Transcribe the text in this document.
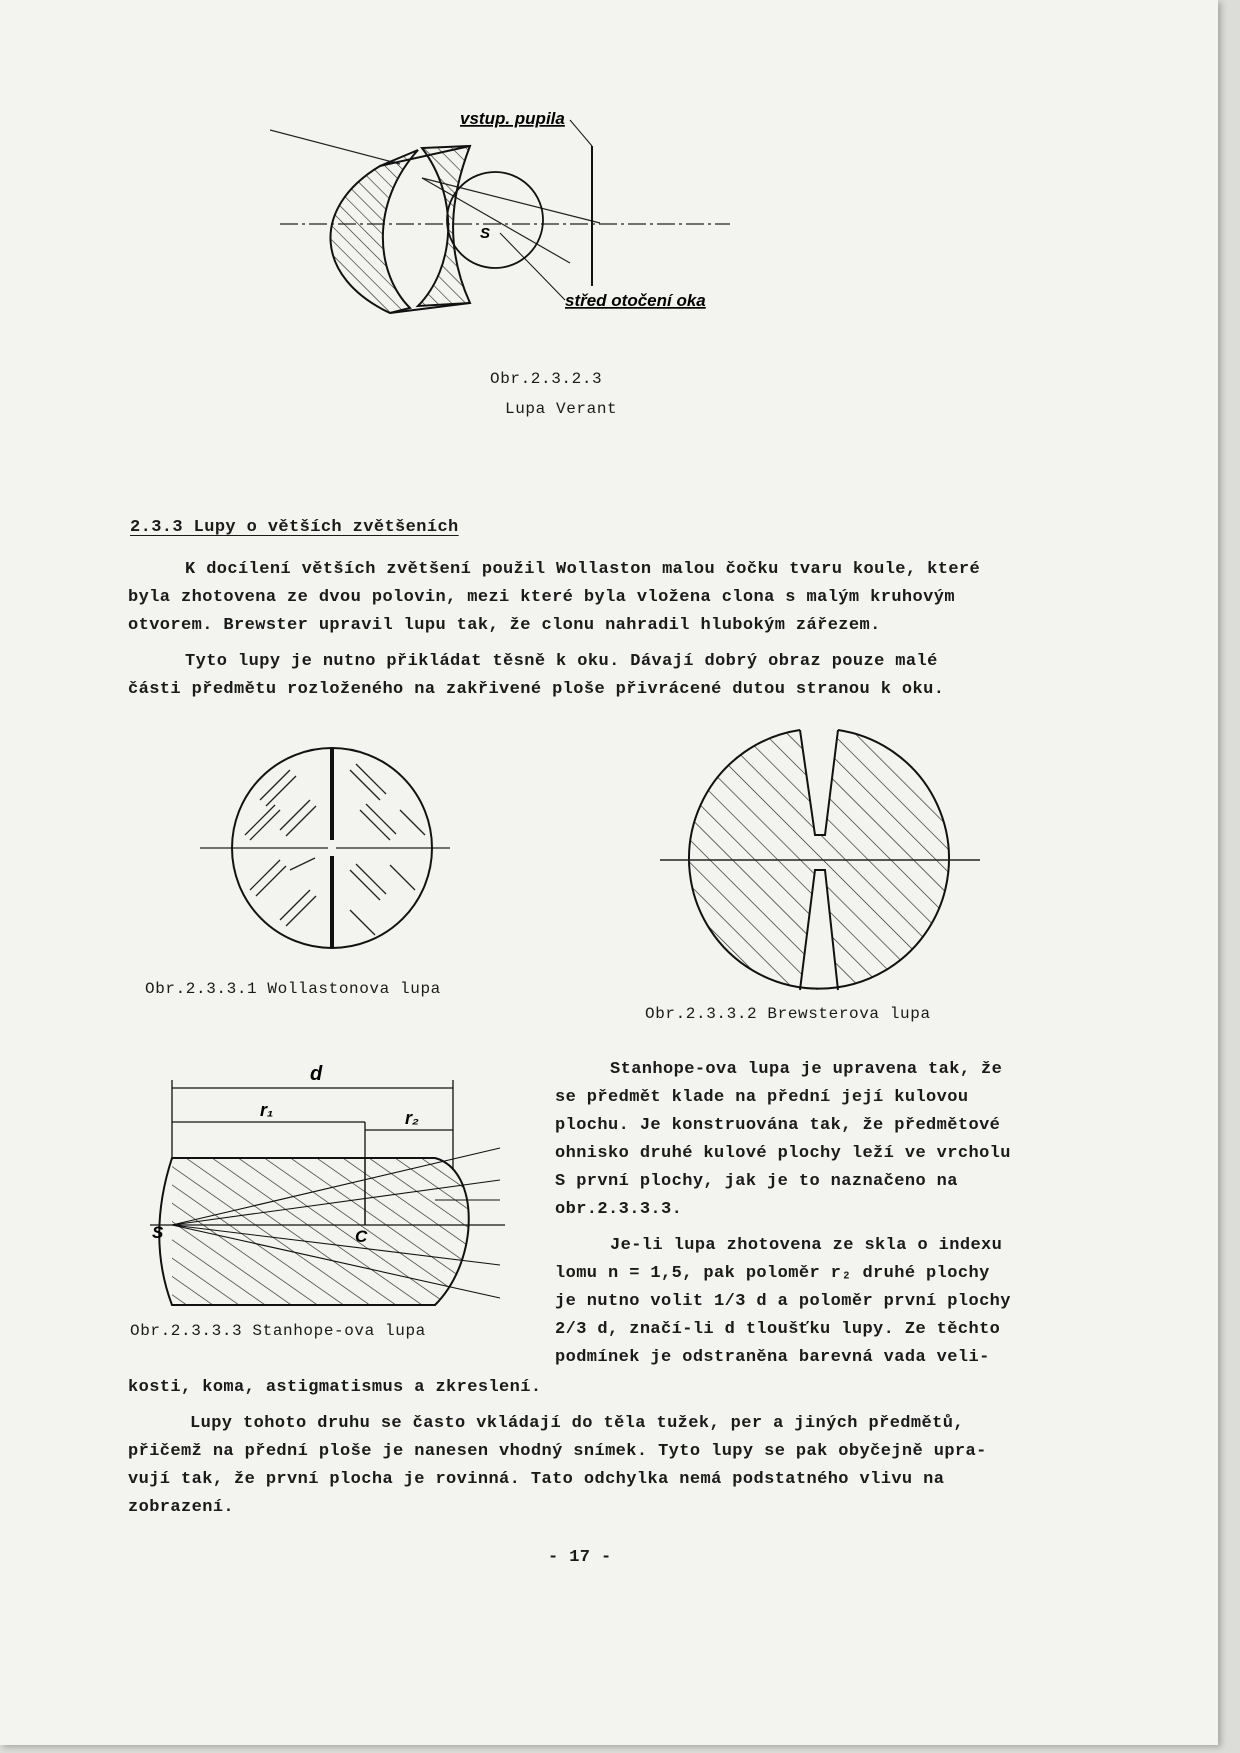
vstup. pupila
střed otočení oka
S
Obr.2.3.2.3
Lupa Verant
2.3.3 Lupy o větších zvětšeních
K docílení větších zvětšení použil Wollaston malou čočku tvaru koule, které
byla zhotovena ze dvou polovin, mezi které byla vložena clona s malým kruhovým
otvorem. Brewster upravil lupu tak, že clonu nahradil hlubokým zářezem.
Tyto lupy je nutno přikládat těsně k oku. Dávají dobrý obraz pouze malé
části předmětu rozloženého na zakřivené ploše přivrácené dutou stranou k oku.
Obr.2.3.3.1 Wollastonova lupa
Obr.2.3.3.2 Brewsterova lupa
d
r₁	r₂
S	C
Obr.2.3.3.3 Stanhope-ova lupa
Stanhope-ova lupa je upravena tak, že
se předmět klade na přední její kulovou
plochu. Je konstruována tak, že předmětové
ohnisko druhé kulové plochy leží ve vrcholu
S první plochy, jak je to naznačeno na
obr.2.3.3.3.
Je-li lupa zhotovena ze skla o indexu
lomu n = 1,5, pak poloměr r₂ druhé plochy
je nutno volit 1/3 d a poloměr první plochy
2/3 d, značí-li d tloušťku lupy. Ze těchto
podmínek je odstraněna barevná vada veli-
kosti, koma, astigmatismus a zkreslení.
Lupy tohoto druhu se často vkládají do těla tužek, per a jiných předmětů,
přičemž na přední ploše je nanesen vhodný snímek. Tyto lupy se pak obyčejně upra-
vují tak, že první plocha je rovinná. Tato odchylka nemá podstatného vlivu na
zobrazení.
- 17 -
